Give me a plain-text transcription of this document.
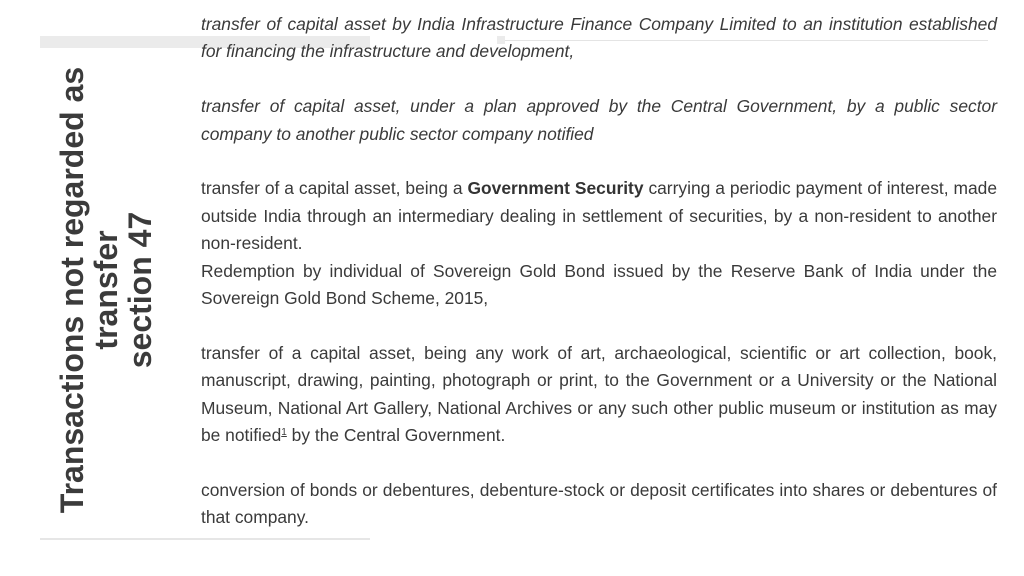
Transactions not regarded as
transfer
section 47

transfer of capital asset by India Infrastructure Finance Company Limited to an institution established for financing the infrastructure and development,

transfer of capital asset, under a plan approved by the Central Government, by a public sector company to another public sector company notified

transfer of a capital asset, being a Government Security carrying a periodic payment of interest, made outside India through an intermediary dealing in settlement of securities, by a non-resident to another non-resident.

Redemption by individual of Sovereign Gold Bond issued by the Reserve Bank of India under the Sovereign Gold Bond Scheme, 2015,

transfer of a capital asset, being any work of art, archaeological, scientific or art collection, book, manuscript, drawing, painting, photograph or print, to the Government or a University or the National Museum, National Art Gallery, National Archives or any such other public museum or institution as may be notified$^1$ by the Central Government.

conversion of bonds or debentures, debenture-stock or deposit certificates into shares or debentures of that company.
